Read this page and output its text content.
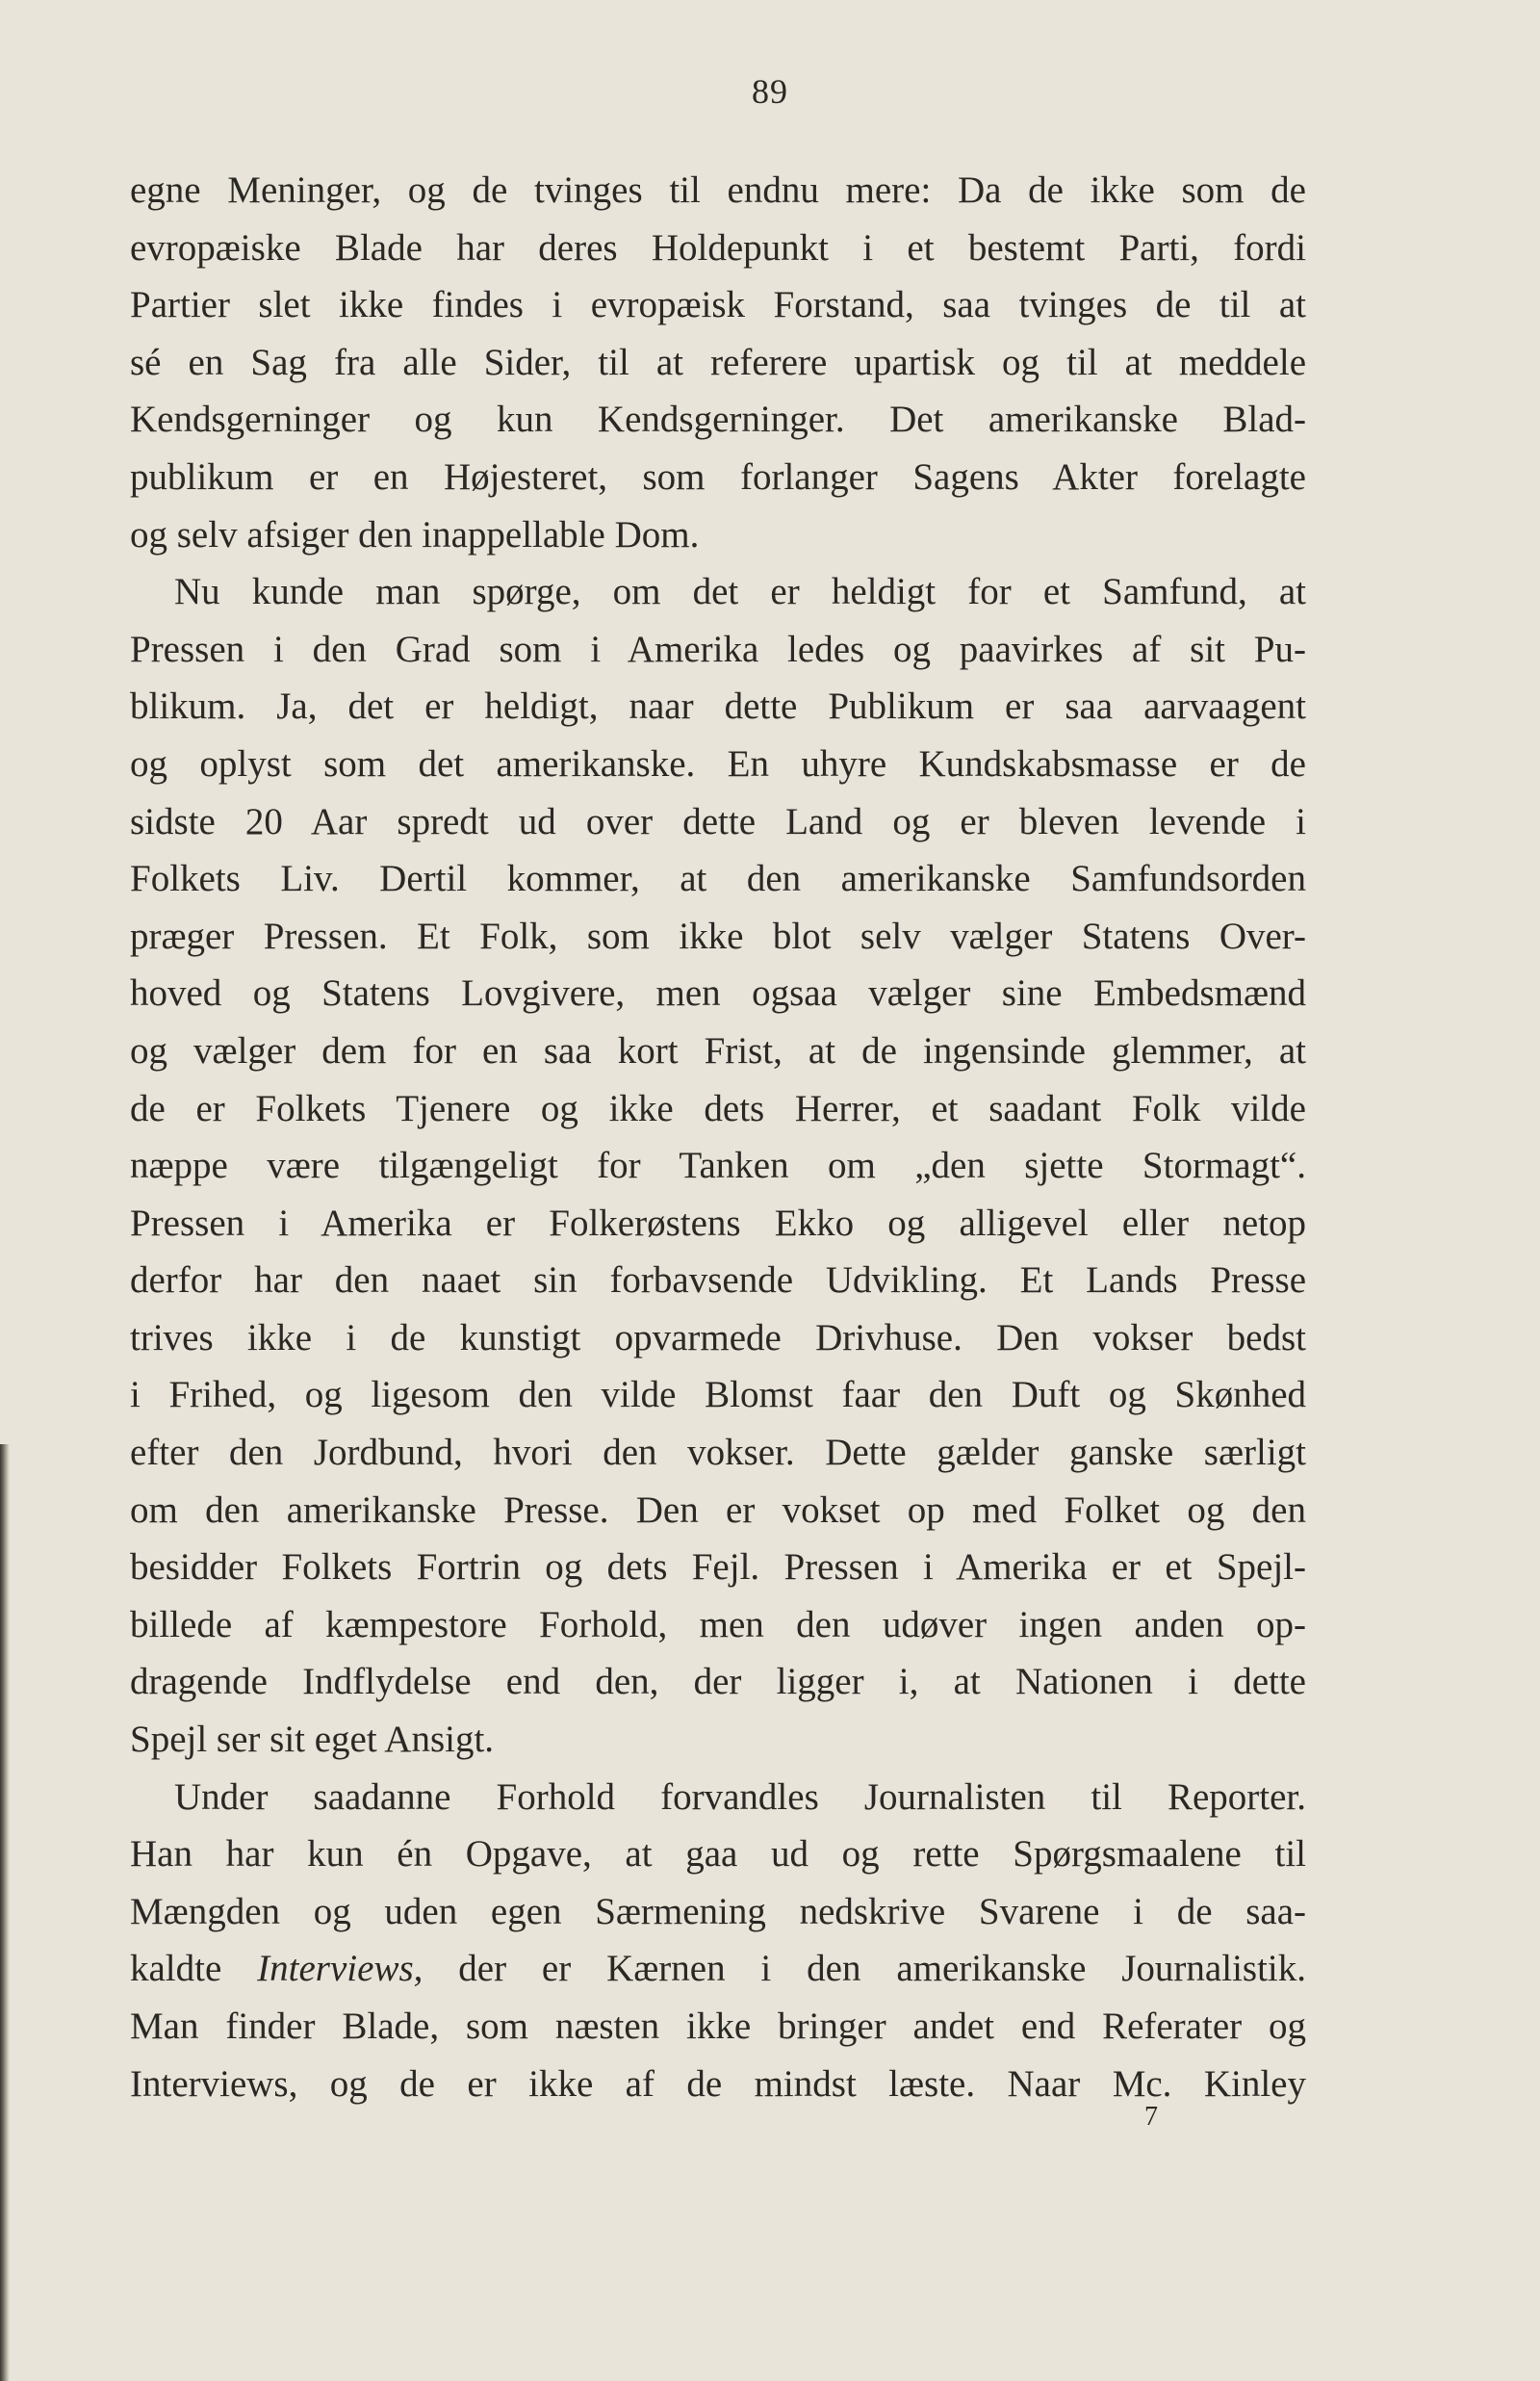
89
egne Meninger, og de tvinges til endnu mere: Da de ikke som de
evropæiske Blade har deres Holdepunkt i et bestemt Parti, fordi
Partier slet ikke findes i evropæisk Forstand, saa tvinges de til at
sé en Sag fra alle Sider, til at referere upartisk og til at meddele
Kendsgerninger og kun Kendsgerninger. Det amerikanske Blad-
publikum er en Højesteret, som forlanger Sagens Akter forelagte
og selv afsiger den inappellable Dom.
Nu kunde man spørge, om det er heldigt for et Samfund, at
Pressen i den Grad som i Amerika ledes og paavirkes af sit Pu-
blikum. Ja, det er heldigt, naar dette Publikum er saa aarvaagent
og oplyst som det amerikanske. En uhyre Kundskabsmasse er de
sidste 20 Aar spredt ud over dette Land og er bleven levende i
Folkets Liv. Dertil kommer, at den amerikanske Samfundsorden
præger Pressen. Et Folk, som ikke blot selv vælger Statens Over-
hoved og Statens Lovgivere, men ogsaa vælger sine Embedsmænd
og vælger dem for en saa kort Frist, at de ingensinde glemmer, at
de er Folkets Tjenere og ikke dets Herrer, et saadant Folk vilde
næppe være tilgængeligt for Tanken om „den sjette Stormagt“.
Pressen i Amerika er Folkerøstens Ekko og alligevel eller netop
derfor har den naaet sin forbavsende Udvikling. Et Lands Presse
trives ikke i de kunstigt opvarmede Drivhuse. Den vokser bedst
i Frihed, og ligesom den vilde Blomst faar den Duft og Skønhed
efter den Jordbund, hvori den vokser. Dette gælder ganske særligt
om den amerikanske Presse. Den er vokset op med Folket og den
besidder Folkets Fortrin og dets Fejl. Pressen i Amerika er et Spejl-
billede af kæmpestore Forhold, men den udøver ingen anden op-
dragende Indflydelse end den, der ligger i, at Nationen i dette
Spejl ser sit eget Ansigt.
Under saadanne Forhold forvandles Journalisten til Reporter.
Han har kun én Opgave, at gaa ud og rette Spørgsmaalene til
Mængden og uden egen Særmening nedskrive Svarene i de saa-
kaldte Interviews, der er Kærnen i den amerikanske Journalistik.
Man finder Blade, som næsten ikke bringer andet end Referater og
Interviews, og de er ikke af de mindst læste. Naar Mc. Kinley
7
